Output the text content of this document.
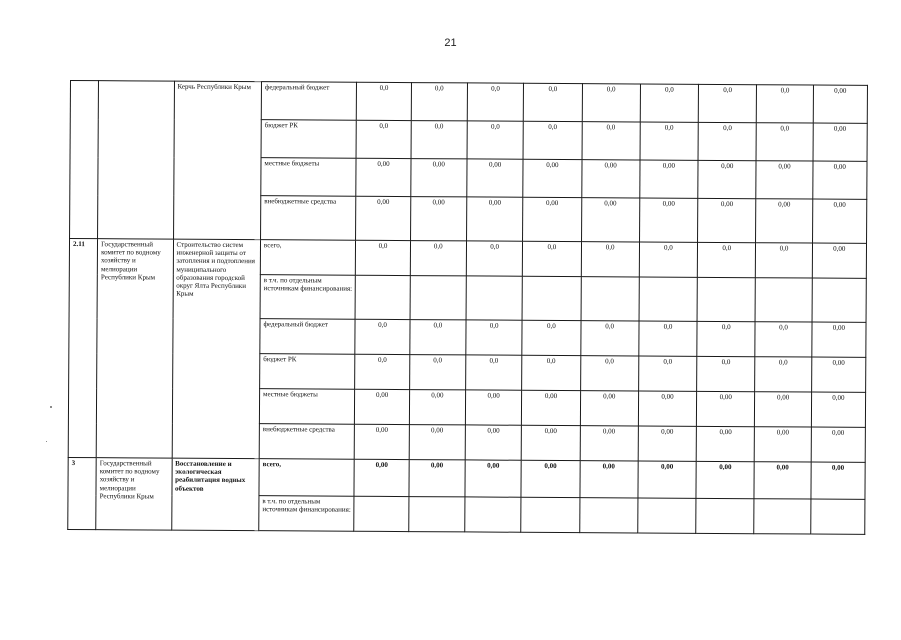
21
		Керчь Республики Крым	федеральный бюджет	0,0	0,0	0,0	0,0	0,0	0,0	0,0	0,0	0,00
			бюджет РК	0,0	0,0	0,0	0,0	0,0	0,0	0,0	0,0	0,00
			местные бюджеты	0,00	0,00	0,00	0,00	0,00	0,00	0,00	0,00	0,00
			внебюджетные средства	0,00	0,00	0,00	0,00	0,00	0,00	0,00	0,00	0,00
2.11	Государственный комитет по водному хозяйству и мелиорации Республики Крым	Строительство систем инженерной защиты от затопления и подтопления муниципального образования городской округ Ялта Республики Крым	всего,	0,0	0,0	0,0	0,0	0,0	0,0	0,0	0,0	0,00
			в т.ч. по отдельным источникам финансирования:									
			федеральный бюджет	0,0	0,0	0,0	0,0	0,0	0,0	0,0	0,0	0,00
			бюджет РК	0,0	0,0	0,0	0,0	0,0	0,0	0,0	0,0	0,00
			местные бюджеты	0,00	0,00	0,00	0,00	0,00	0,00	0,00	0,00	0,00
			внебюджетные средства	0,00	0,00	0,00	0,00	0,00	0,00	0,00	0,00	0,00
3	Государственный комитет по водному хозяйству и мелиорации Республики Крым	Восстановление и экологическая реабилитация водных объектов	всего,	0,00	0,00	0,00	0,00	0,00	0,00	0,00	0,00	0,00
			в т.ч. по отдельным источникам финансирования:									
